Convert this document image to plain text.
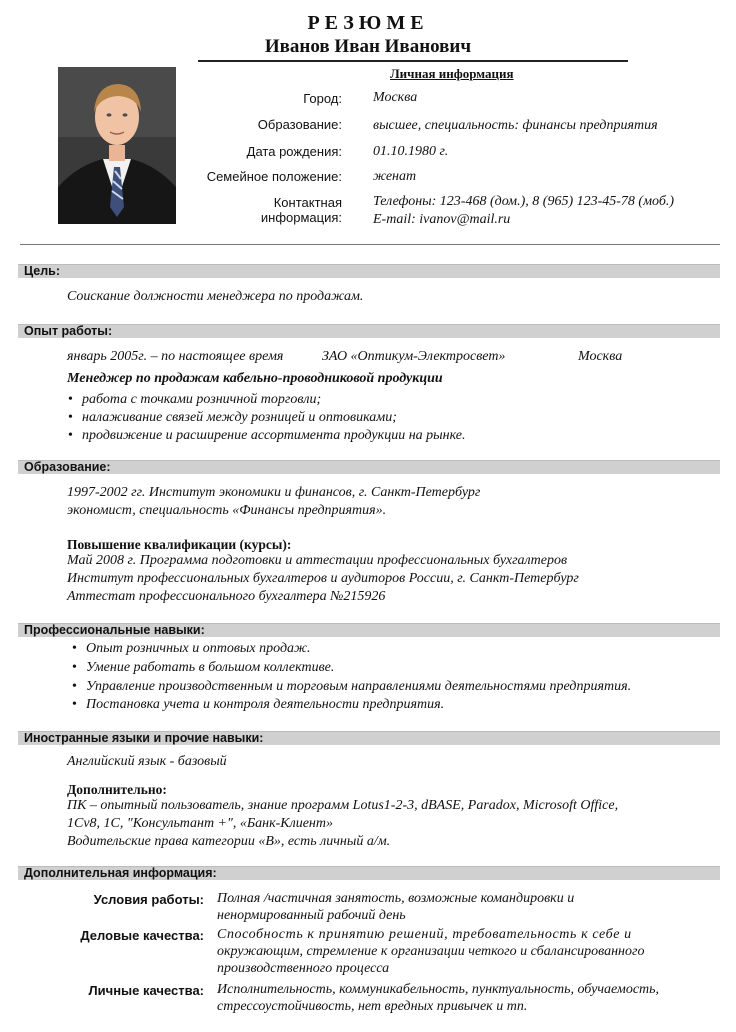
РЕЗЮМЕ
Иванов Иван Иванович
Личная информация
Город: Москва
Образование: высшее, специальность: финансы предприятия
Дата рождения: 01.10.1980 г.
Семейное положение: женат
Контактная
информация:
Телефоны: 123-468 (дом.), 8 (965) 123-45-78 (моб.)
E-mail: ivanov@mail.ru
Цель:
Соискание должности менеджера по продажам.
Опыт работы:
январь 2005г. – по настоящее время	ЗАО «Оптикум-Электросвет»	Москва
Менеджер по продажам кабельно-проводниковой продукции
• работа с точками розничной торговли;
• налаживание связей между розницей и оптовиками;
• продвижение и расширение ассортимента продукции на рынке.
Образование:
1997-2002 гг. Институт экономики и финансов, г. Санкт-Петербург
экономист, специальность «Финансы предприятия».
Повышение квалификации (курсы):
Май 2008 г. Программа подготовки и аттестации профессиональных бухгалтеров
Институт профессиональных бухгалтеров и аудиторов России, г. Санкт-Петербург
Аттестат профессионального бухгалтера №215926
Профессиональные навыки:
• Опыт розничных и оптовых продаж.
• Умение работать в большом коллективе.
• Управление производственным и торговым направлениями деятельностями предприятия.
• Постановка учета и контроля деятельности предприятия.
Иностранные языки и прочие навыки:
Английский язык - базовый
Дополнительно:
ПК – опытный пользователь, знание программ Lotus1-2-3, dBASE, Paradox, Microsoft Office,
1Cv8, 1C, "Консультант +", «Банк-Клиент»
Водительские права категории «В», есть личный а/м.
Дополнительная информация:
Условия работы: Полная /частичная занятость, возможные командировки и
ненормированный рабочий день
Деловые качества: Способность к принятию решений, требовательность к себе и
окружающим, стремление к организации четкого и сбалансированного
производственного процесса
Личные качества: Исполнительность, коммуникабельность, пунктуальность, обучаемость,
стрессоустойчивость, нет вредных привычек и тп.
